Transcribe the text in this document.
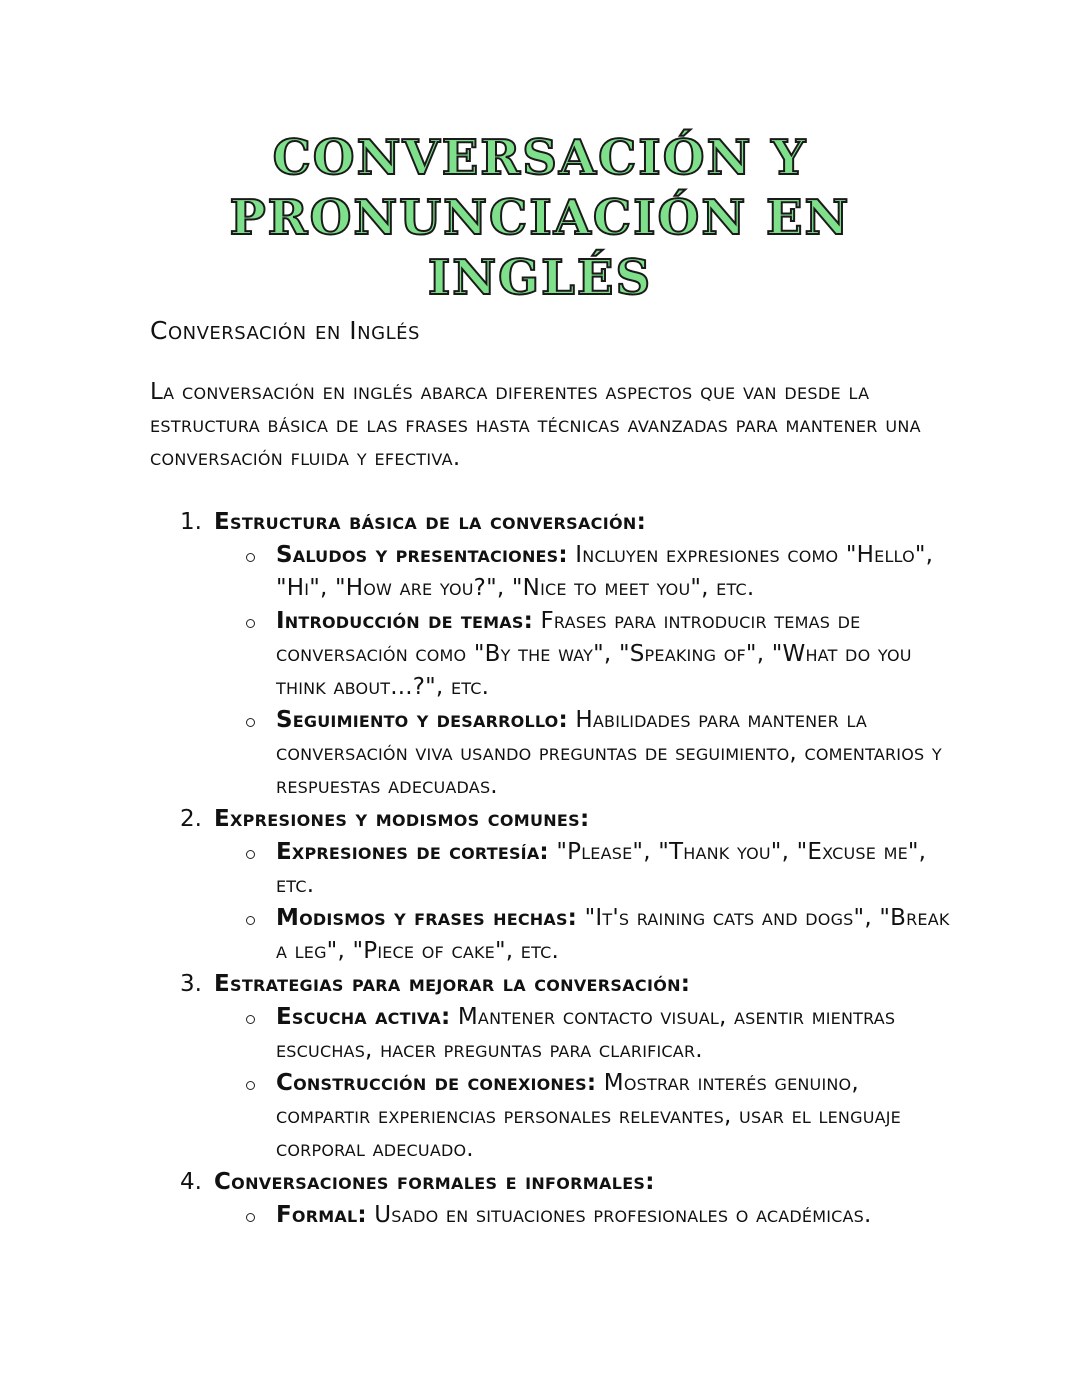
CONVERSACIÓN Y
PRONUNCIACIÓN EN
INGLÉS
Conversación en Inglés

La conversación en inglés abarca diferentes aspectos que van desde la estructura básica de las frases hasta técnicas avanzadas para mantener una conversación fluida y efectiva.

1. Estructura básica de la conversación:
Saludos y presentaciones: Incluyen expresiones como "Hello", "Hi", "How are you?", "Nice to meet you", etc.
Introducción de temas: Frases para introducir temas de conversación como "By the way", "Speaking of", "What do you think about...?", etc.
Seguimiento y desarrollo: Habilidades para mantener la conversación viva usando preguntas de seguimiento, comentarios y respuestas adecuadas.
2. Expresiones y modismos comunes:
Expresiones de cortesía: "Please", "Thank you", "Excuse me", etc.
Modismos y frases hechas: "It's raining cats and dogs", "Break a leg", "Piece of cake", etc.
3. Estrategias para mejorar la conversación:
Escucha activa: Mantener contacto visual, asentir mientras escuchas, hacer preguntas para clarificar.
Construcción de conexiones: Mostrar interés genuino, compartir experiencias personales relevantes, usar el lenguaje corporal adecuado.
4. Conversaciones formales e informales:
Formal: Usado en situaciones profesionales o académicas.
